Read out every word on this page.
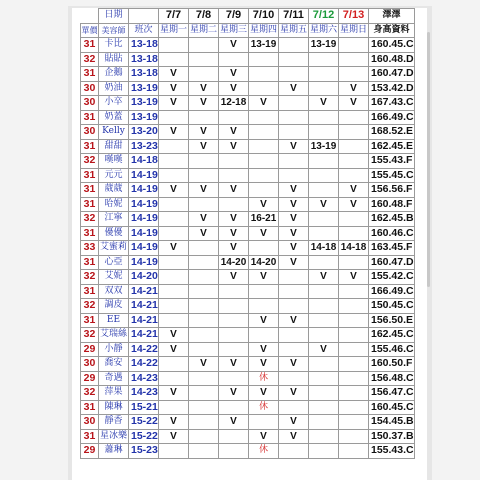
	日期		7/7	7/8	7/9	7/10	7/11	7/12	7/13	澤澤
單價	美容師	班次	星期一	星期二	星期三	星期四	星期五	星期六	星期日	身高資料
31	卡比	13-18			V	13-19		13-19		160.45.C
32	貼貼	13-18								160.48.D
31	企鵝	13-18	V		V					160.47.D
30	奶油	13-19	V	V	V		V		V	153.42.D
30	小卒	13-19	V	V	12-18	V		V	V	167.43.C
31	奶蓋	13-19								166.49.C
30	Kelly	13-20	V	V	V					168.52.E
31	甜甜	13-23		V	V		V	13-19		162.45.E
32	嘆嘆	14-18								155.43.F
31	元元	14-19								155.45.C
31	葳葳	14-19	V	V	V		V		V	156.56.F
31	哈妮	14-19				V	V	V	V	160.48.F
32	江寧	14-19		V	V	16-21	V			162.45.B
31	優優	14-19		V	V	V	V			160.46.C
33	艾蜜莉	14-19	V		V		V	14-18	14-18	163.45.F
31	心亞	14-19			14-20	14-20	V			160.47.D
32	艾妮	14-20			V	V		V	V	155.42.C
31	双双	14-21								166.49.C
32	調皮	14-21								150.45.C
31	EE	14-21				V	V			156.50.E
32	艾瑞絲	14-21	V							162.45.C
29	小靜	14-22	V			V		V		155.46.C
30	喬安	14-22		V	V	V	V			160.50.F
29	奇遇	14-23				休				156.48.C
32	萍果	14-23	V		V	V	V			156.47.C
31	陳琳	15-21				休				160.45.C
30	靜香	15-22	V		V		V			154.45.B
31	星冰樂	15-22	V			V	V			150.37.B
29	蕭琳	15-23				休				155.43.C
